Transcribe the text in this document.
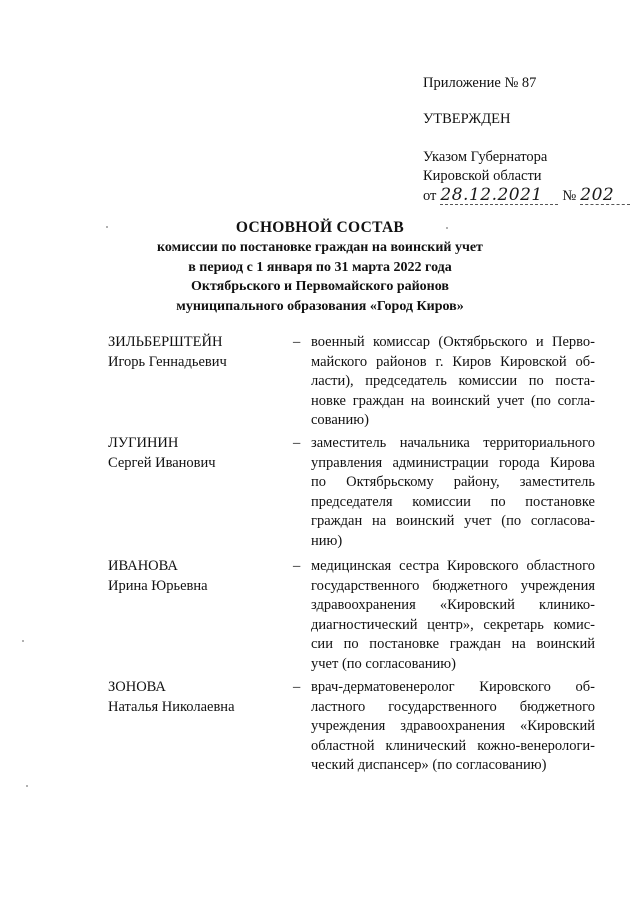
Приложение № 87
УТВЕРЖДЕН
Указом Губернатора
Кировской области
от 28.12.2021 № 202
ОСНОВНОЙ СОСТАВ
комиссии по постановке граждан на воинский учет
в период с 1 января по 31 марта 2022 года
Октябрьского и Первомайского районов
муниципального образования «Город Киров»
ЗИЛЬБЕРШТЕЙН
Игорь Геннадьевич
– военный комиссар (Октябрьского и Перво-
майского районов г. Киров Кировской об-
ласти), председатель комиссии по поста-
новке граждан на воинский учет (по согла-
сованию)
ЛУГИНИН
Сергей Иванович
– заместитель начальника территориального
управления администрации города Кирова
по Октябрьскому району, заместитель
председателя комиссии по постановке
граждан на воинский учет (по согласова-
нию)
ИВАНОВА
Ирина Юрьевна
– медицинская сестра Кировского областного
государственного бюджетного учреждения
здравоохранения «Кировский клинико-
диагностический центр», секретарь комис-
сии по постановке граждан на воинский
учет (по согласованию)
ЗОНОВА
Наталья Николаевна
– врач-дерматовенеролог Кировского об-
ластного государственного бюджетного
учреждения здравоохранения «Кировский
областной клинический кожно-венерологи-
ческий диспансер» (по согласованию)
